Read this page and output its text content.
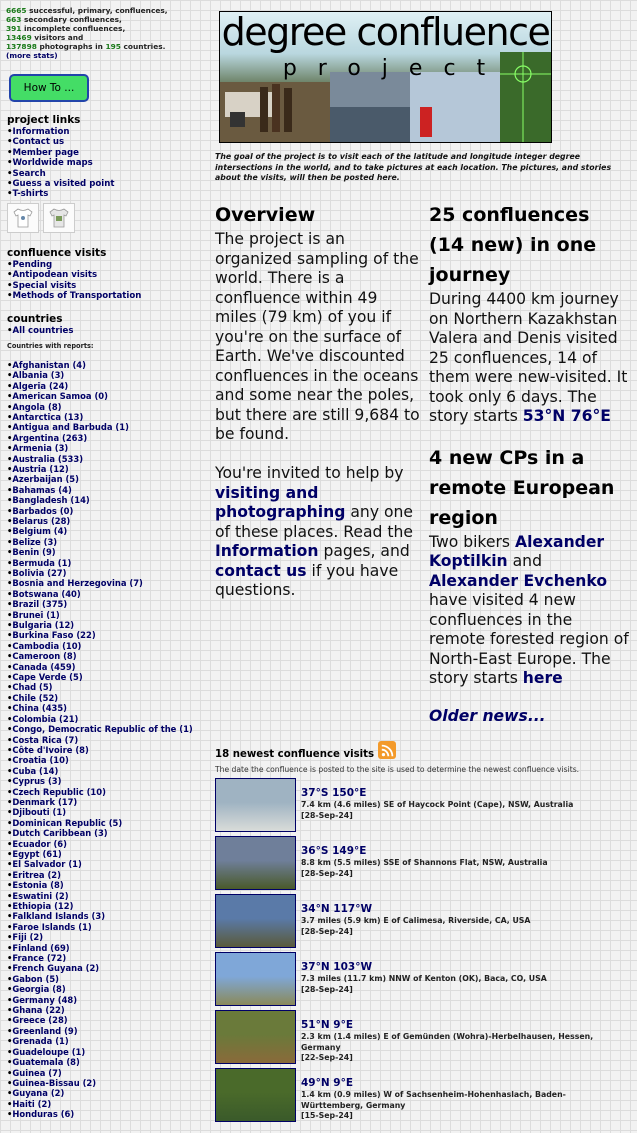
6665 successful, primary, confluences,
663 secondary confluences,
391 incomplete confluences,
13469 visitors and
137898 photographs in 195 countries.
(more stats)
How To ...
project links
• Information
• Contact us
• Member page
• Worldwide maps
• Search
• Guess a visited point
• T-shirts
confluence visits
• Pending
• Antipodean visits
• Special visits
• Methods of Transportation
countries
• All countries
Countries with reports:
• Afghanistan (4)
• Albania (3)
• Algeria (24)
• American Samoa (0)
• Angola (8)
• Antarctica (13)
• Antigua and Barbuda (1)
• Argentina (263)
• Armenia (3)
• Australia (533)
• Austria (12)
• Azerbaijan (5)
• Bahamas (4)
• Bangladesh (14)
• Barbados (0)
• Belarus (28)
• Belgium (4)
• Belize (3)
• Benin (9)
• Bermuda (1)
• Bolivia (27)
• Bosnia and Herzegovina (7)
• Botswana (40)
• Brazil (375)
• Brunei (1)
• Bulgaria (12)
• Burkina Faso (22)
• Cambodia (10)
• Cameroon (8)
• Canada (459)
• Cape Verde (5)
• Chad (5)
• Chile (52)
• China (435)
• Colombia (21)
• Congo, Democratic Republic of the (1)
• Costa Rica (7)
• Côte d'Ivoire (8)
• Croatia (10)
• Cuba (14)
• Cyprus (3)
• Czech Republic (10)
• Denmark (17)
• Djibouti (1)
• Dominican Republic (5)
• Dutch Caribbean (3)
• Ecuador (6)
• Egypt (61)
• El Salvador (1)
• Eritrea (2)
• Estonia (8)
• Eswatini (2)
• Ethiopia (12)
• Falkland Islands (3)
• Faroe Islands (1)
• Fiji (2)
• Finland (69)
• France (72)
• French Guyana (2)
• Gabon (5)
• Georgia (8)
• Germany (48)
• Ghana (22)
• Greece (28)
• Greenland (9)
• Grenada (1)
• Guadeloupe (1)
• Guatemala (8)
• Guinea (7)
• Guinea-Bissau (2)
• Guyana (2)
• Haiti (2)
• Honduras (6)
degree confluence
project
The goal of the project is to visit each of the latitude and longitude integer degree intersections in the world, and to take pictures at each location. The pictures, and stories about the visits, will then be posted here.
Overview

The project is an organized sampling of the world. There is a confluence within 49 miles (79 km) of you if you're on the surface of Earth. We've discounted confluences in the oceans and some near the poles, but there are still 9,684 to be found.

You're invited to help by visiting and photographing any one of these places. Read the Information pages, and contact us if you have questions.

25 confluences (14 new) in one journey

During 4400 km journey on Northern Kazakhstan Valera and Denis visited 25 confluences, 14 of them were new-visited. It took only 6 days. The story starts 53°N 76°E

4 new CPs in a remote European region

Two bikers Alexander Koptilkin and Alexander Evchenko have visited 4 new confluences in the remote forested region of North-East Europe. The story starts here

Older news...
18 newest confluence visits
The date the confluence is posted to the site is used to determine the newest confluence visits.
37°S 150°E

7.4 km (4.6 miles) SE of Haycock Point (Cape), NSW, Australia
[28-Sep-24]
36°S 149°E

8.8 km (5.5 miles) SSE of Shannons Flat, NSW, Australia
[28-Sep-24]
34°N 117°W

3.7 miles (5.9 km) E of Calimesa, Riverside, CA, USA
[28-Sep-24]
37°N 103°W

7.3 miles (11.7 km) NNW of Kenton (OK), Baca, CO, USA
[28-Sep-24]
51°N 9°E

2.3 km (1.4 miles) E of Gemünden (Wohra)-Herbelhausen, Hessen, Germany
[22-Sep-24]
49°N 9°E

1.4 km (0.9 miles) W of Sachsenheim-Hohenhaslach, Baden-Württemberg, Germany
[15-Sep-24]
